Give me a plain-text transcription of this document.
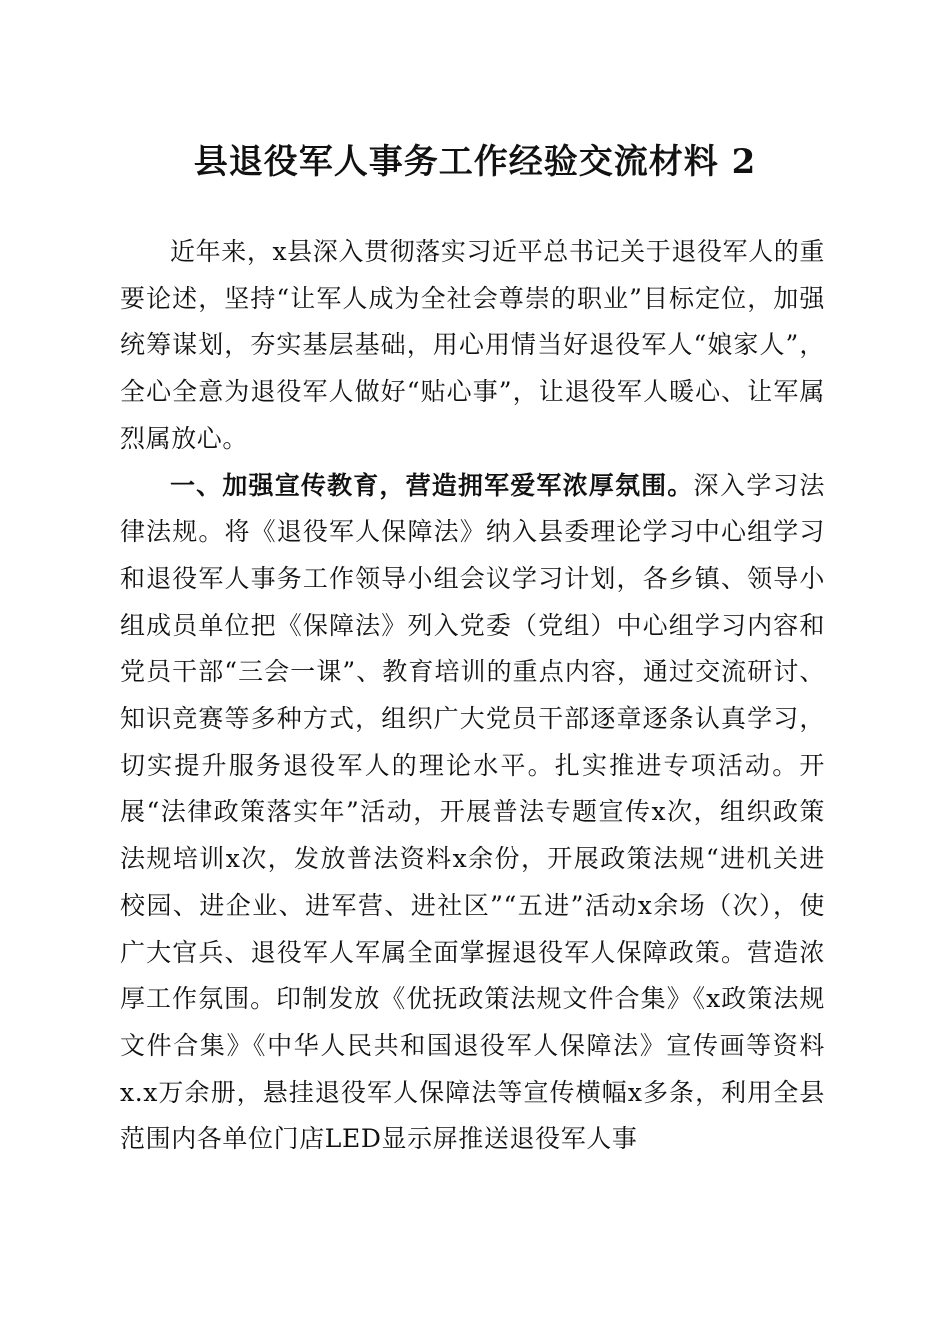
县退役军人事务工作经验交流材料 2

近年来，x县深入贯彻落实习近平总书记关于退役军人的重要论述，坚持“让军人成为全社会尊崇的职业”目标定位，加强统筹谋划，夯实基层基础，用心用情当好退役军人“娘家人”，全心全意为退役军人做好“贴心事”，让退役军人暖心、让军属烈属放心。

一、加强宣传教育，营造拥军爱军浓厚氛围。深入学习法律法规。将《退役军人保障法》纳入县委理论学习中心组学习和退役军人事务工作领导小组会议学习计划，各乡镇、领导小组成员单位把《保障法》列入党委（党组）中心组学习内容和党员干部“三会一课”、教育培训的重点内容，通过交流研讨、知识竞赛等多种方式，组织广大党员干部逐章逐条认真学习，切实提升服务退役军人的理论水平。扎实推进专项活动。开展“法律政策落实年”活动，开展普法专题宣传x次，组织政策法规培训x次，发放普法资料x余份，开展政策法规“进机关进校园、进企业、进军营、进社区”“五进”活动x余场（次），使广大官兵、退役军人军属全面掌握退役军人保障政策。营造浓厚工作氛围。印制发放《优抚政策法规文件合集》《x政策法规文件合集》《中华人民共和国退役军人保障法》宣传画等资料x.x万余册，悬挂退役军人保障法等宣传横幅x多条，利用全县范围内各单位门店LED显示屏推送退役军人事
